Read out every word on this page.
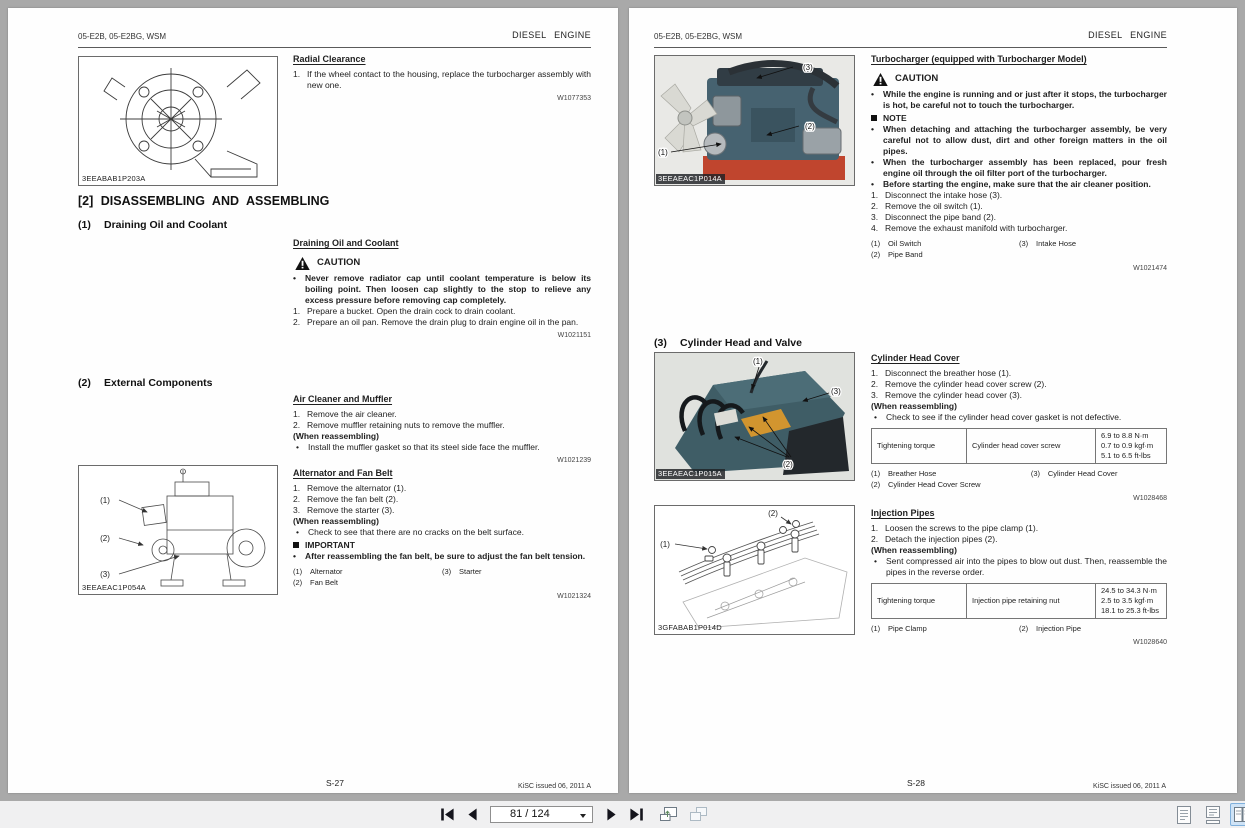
05-E2B, 05-E2BG, WSM	DIESEL ENGINE
3EEABAB1P203A
Radial Clearance
1. If the wheel contact to the housing, replace the turbocharger assembly with new one.
W1077353
[2] DISASSEMBLING AND ASSEMBLING
(1)	Draining Oil and Coolant
Draining Oil and Coolant
CAUTION
•	Never remove radiator cap until coolant temperature is below its boiling point. Then loosen cap slightly to the stop to relieve any excess pressure before removing cap completely.
1. Prepare a bucket. Open the drain cock to drain coolant.
2. Prepare an oil pan. Remove the drain plug to drain engine oil in the pan.
W1021151
(2)	External Components
Air Cleaner and Muffler
1. Remove the air cleaner.
2. Remove muffler retaining nuts to remove the muffler.
(When reassembling)
•	Install the muffler gasket so that its steel side face the muffler.
W1021239
Alternator and Fan Belt
1. Remove the alternator (1).
2. Remove the fan belt (2).
3. Remove the starter (3).
(When reassembling)
•	Check to see that there are no cracks on the belt surface.
IMPORTANT
•	After reassembling the fan belt, be sure to adjust the fan belt tension.
(1)	Alternator
(2)	Fan Belt
(3)	Starter
W1021324
(1)
(2)
(3)
3EEAEAC1P054A
S-27	KiSC issued 06, 2011 A
05-E2B, 05-E2BG, WSM	DIESEL ENGINE
(3)
(2)
(1)
3EEAEAC1P014A
Turbocharger (equipped with Turbocharger Model)
CAUTION
•	While the engine is running and or just after it stops, the turbocharger is hot, be careful not to touch the turbocharger.
NOTE
•	When detaching and attaching the turbocharger assembly, be very careful not to allow dust, dirt and other foreign matters in the oil pipes.
•	When the turbocharger assembly has been replaced, pour fresh engine oil through the oil filter port of the turbocharger.
•	Before starting the engine, make sure that the air cleaner position.
1. Disconnect the intake hose (3).
2. Remove the oil switch (1).
3. Disconnect the pipe band (2).
4. Remove the exhaust manifold with turbocharger.
(1)	Oil Switch
(2)	Pipe Band
(3)	Intake Hose
W1021474
(3)	Cylinder Head and Valve
(1)
(3)
(2)
3EEAEAC1P015A
Cylinder Head Cover
1. Disconnect the breather hose (1).
2. Remove the cylinder head cover screw (2).
3. Remove the cylinder head cover (3).
(When reassembling)
•	Check to see if the cylinder head cover gasket is not defective.
Tightening torque	Cylinder head cover screw	
6.9 to 8.8 N·m
0.7 to 0.9 kgf·m
5.1 to 6.5 ft-lbs
(1)	Breather Hose
(2)	Cylinder Head Cover Screw
(3)	Cylinder Head Cover
W1028468
(1)
(2)
3GFABAB1P014D
Injection Pipes
1. Loosen the screws to the pipe clamp (1).
2. Detach the injection pipes (2).
(When reassembling)
•	Sent compressed air into the pipes to blow out dust. Then, reassemble the pipes in the reverse order.
Tightening torque	Injection pipe retaining nut	
24.5 to 34.3 N·m
2.5 to 3.5 kgf·m
18.1 to 25.3 ft-lbs
(1)	Pipe Clamp	(2)	Injection Pipe
W1028640
S-28	KiSC issued 06, 2011 A
81 / 124
